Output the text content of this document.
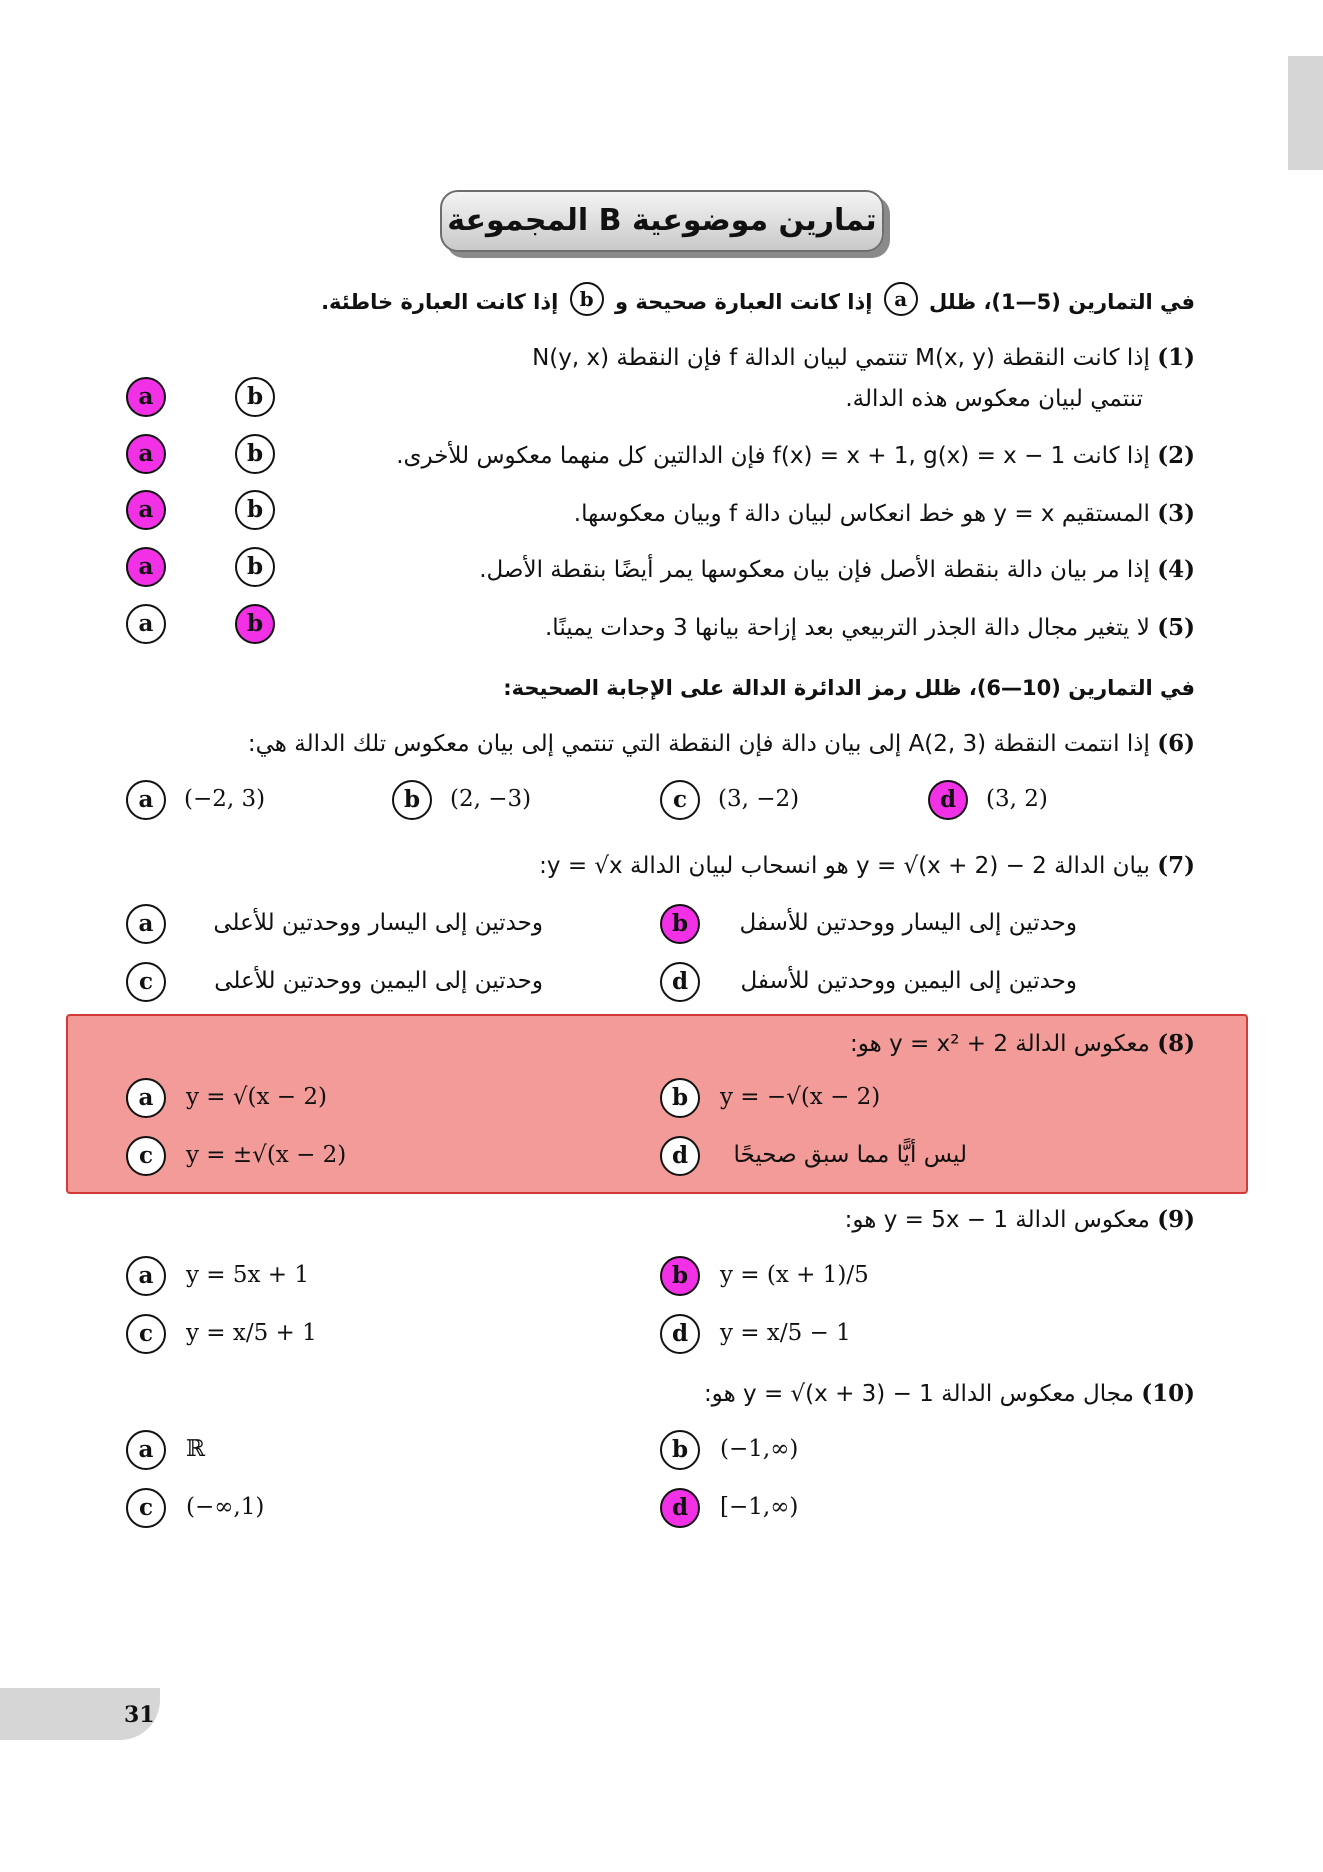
المجموعة B تمارين موضوعية
في التمارين (5—1)، ظلل a إذا كانت العبارة صحيحة و b إذا كانت العبارة خاطئة.
(1) إذا كانت النقطة M(x, y) تنتمي لبيان الدالة f فإن النقطة N(y, x)
تنتمي لبيان معكوس هذه الدالة.
a	b
(2) إذا كانت f(x) = x + 1, g(x) = x − 1 فإن الدالتين كل منهما معكوس للأخرى.
a	b
(3) المستقيم y = x هو خط انعكاس لبيان دالة f وبيان معكوسها.
a	b
(4) إذا مر بيان دالة بنقطة الأصل فإن بيان معكوسها يمر أيضًا بنقطة الأصل.
a	b
(5) لا يتغير مجال دالة الجذر التربيعي بعد إزاحة بيانها 3 وحدات يمينًا.
a	b
في التمارين (10—6)، ظلل رمز الدائرة الدالة على الإجابة الصحيحة:
(6) إذا انتمت النقطة A(2, 3) إلى بيان دالة فإن النقطة التي تنتمي إلى بيان معكوس تلك الدالة هي:
a	(−2, 3)	b	(2, −3)	c	(3, −2)	d	(3, 2)
(7) بيان الدالة y = √(x + 2) − 2 هو انسحاب لبيان الدالة y = √x:
a	وحدتين إلى اليسار ووحدتين للأعلى	b	وحدتين إلى اليسار ووحدتين للأسفل
c	وحدتين إلى اليمين ووحدتين للأعلى	d	وحدتين إلى اليمين ووحدتين للأسفل
(8) معكوس الدالة y = x² + 2 هو:
a	y = √(x − 2)	b	y = −√(x − 2)
c	y = ±√(x − 2)	d	ليس أيًّا مما سبق صحيحًا
(9) معكوس الدالة y = 5x − 1 هو:
a	y = 5x + 1	b	y = (x + 1)/5
c	y = x/5 + 1	d	y = x/5 − 1
(10) مجال معكوس الدالة y = √(x + 3) − 1 هو:
a	ℝ	b	(−1,∞)
c	(−∞,1)	d	[−1,∞)
31
